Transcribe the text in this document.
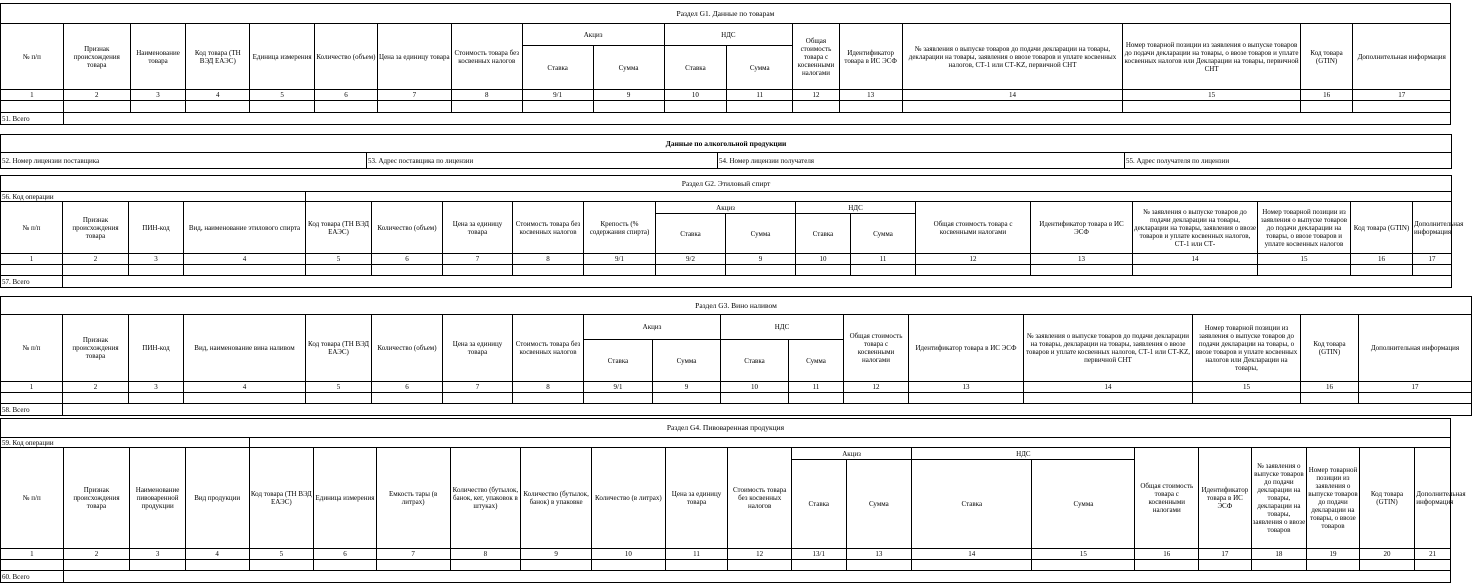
Раздел G1. Данные по товарам																	
№ п/п	Признак происхождения товара	Наименование товара	Код товара (ТН ВЭД ЕАЭС)	Единица измерения	Количество (объем)	Цена за единицу товара	Стоимость товара без косвенных налогов	Акциз		НДС		Общая стоимость товара с косвенными налогами	Идентификатор товара в ИС ЭСФ	№ заявления о выпуске товаров до подачи декларации на товары, декларации на товары, заявления о ввозе товаров и уплате косвенных налогов, СТ-1 или СТ-KZ, первичной СНТ	Номер товарной позиции из заявления о выпуске товаров до подачи декларации на товары, о ввозе товаров и уплате косвенных налогов или Декларации на товары, первичной СНТ	Код товара (GTIN)	Дополнительная информация
								Ставка	Сумма	Ставка	Сумма						
1	2	3	4	5	6	7	8	9/1	9	10	11	12	13	14	15	16	17

51. Всего																	
Данные по алкогольной продукции
52. Номер лицензии поставщика	53. Адрес поставщика по лицензии	54. Номер лицензии получателя	55. Адрес получателя по лицензии
Раздел G2. Этиловый спирт																		
56. Код операции																		
№ п/п	Признак происхождения товара	ПИН-код	Вид, наименование этилового спирта	Код товара (ТН ВЭД ЕАЭС)	Количество (объем)	Цена за единицу товара	Стоимость товара без косвенных налогов	Крепость (% содержания спирта)	Акциз		НДС		Общая стоимость товара с косвенными налогами	Идентификатор товара в ИС ЭСФ	№ заявления о выпуске товаров до подачи декларации на товары, декларации на товары, заявления о ввозе товаров и уплате косвенных налогов, СТ-1 или СТ-	Номер товарной позиции из заявления о выпуске товаров до подачи декларации на товары, о ввозе товаров и уплате косвенных налогов	Код товара (GTIN)	Дополнительная информация
									Ставка	Сумма	Ставка	Сумма						
1	2	3	4	5	6	7	8	9/1	9/2	9	10	11	12	13	14	15	16	17

57. Всего																		
Раздел G3. Вино наливом																	
№ п/п	Признак происхождения товара	ПИН-код	Вид, наименование вина наливом	Код товара (ТН ВЭД ЕАЭС)	Количество (объем)	Цена за единицу товара	Стоимость товара без косвенных налогов	Акциз		НДС		Общая стоимость товара с косвенными налогами	Идентификатор товара в ИС ЭСФ	№ заявления о выпуске товаров до подачи декларации на товары, декларации на товары, заявления о ввозе товаров и уплате косвенных налогов, СТ-1 или СТ-KZ, первичной СНТ	Номер товарной позиции из заявления о выпуске товаров до подачи декларации на товары, о ввозе товаров и уплате косвенных налогов или Декларации на товары,	Код товара (GTIN)	Дополнительная информация
								Ставка	Сумма	Ставка	Сумма						
1	2	3	4	5	6	7	8	9/1	9	10	11	12	13	14	15	16	17

58. Всего																	
Раздел G4. Пивоваренная продукция																					
59. Код операции																					
№ п/п	Признак происхождения товара	Наименование пивоваренной продукции	Вид продукции	Код товара (ТН ВЭД ЕАЭС)	Единица измерения	Емкость тары (в литрах)	Количество (бутылок, банок, кег, упаковок в штуках)	Количество (бутылок, банок) в упаковке	Количество (в литрах)	Цена за единицу товара	Стоимость товара без косвенных налогов	Акциз		НДС		Общая стоимость товара с косвенными налогами	Идентификатор товара в ИС ЭСФ	№ заявления о выпуске товаров до подачи декларации на товары, декларации на товары, заявления о ввозе товаров	Номер товарной позиции из заявления о выпуске товаров до подачи декларации на товары, о ввозе товаров	Код товара (GTIN)	Дополнительная информация
												Ставка	Сумма	Ставка	Сумма						
1	2	3	4	5	6	7	8	9	10	11	12	13/1	13	14	15	16	17	18	19	20	21

60. Всего																					
